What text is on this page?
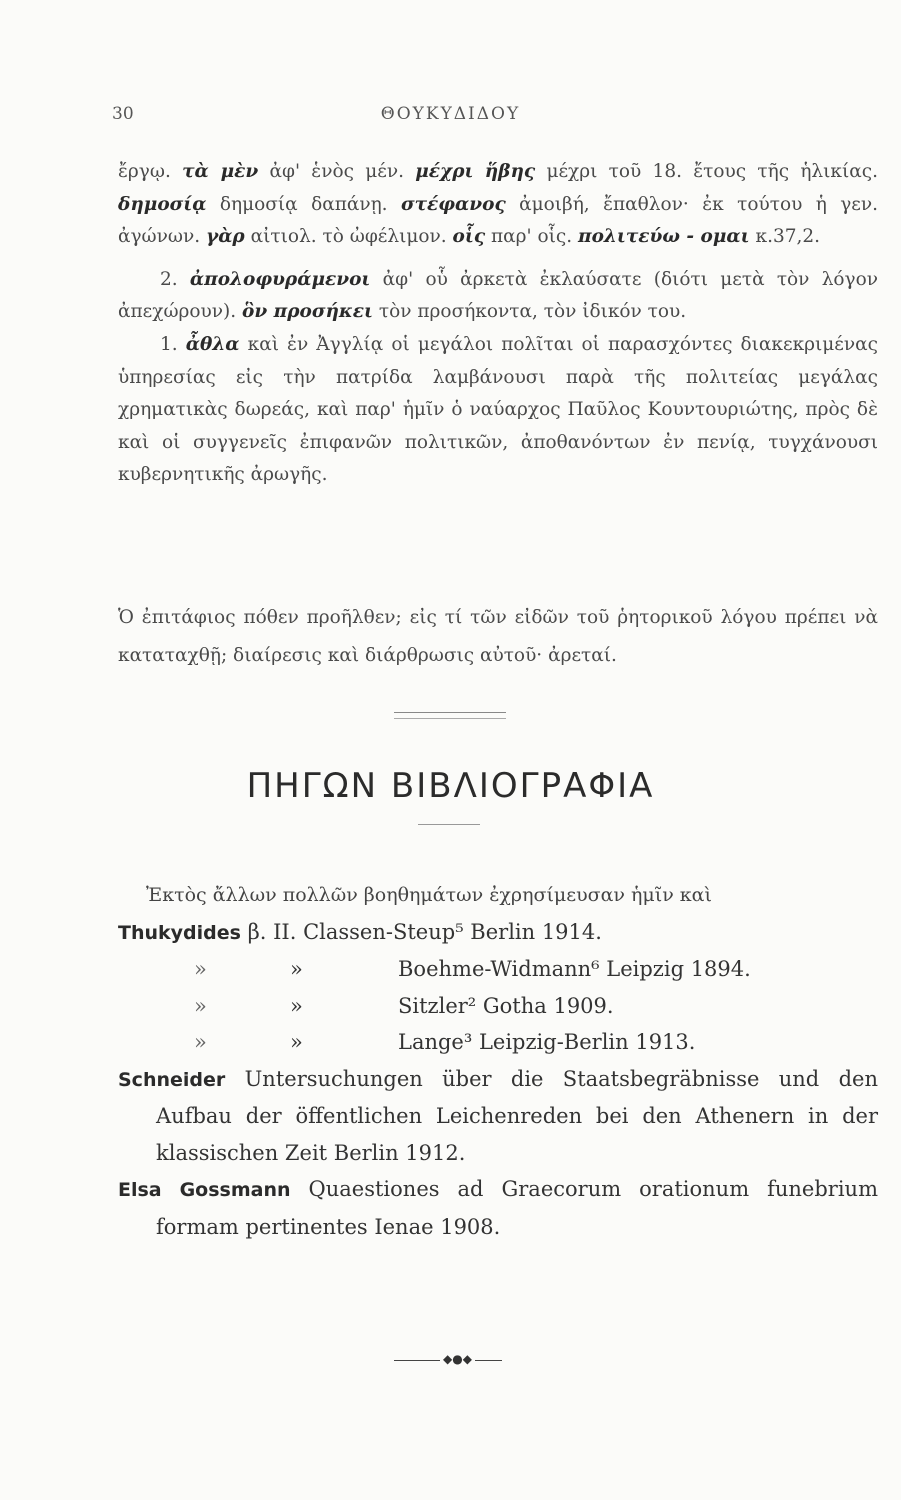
30	ΘΟΥΚΥΔΙΔΟΥ

ἔργῳ. τὰ μὲν ἀφ' ἑνὸς μέν. μέχρι ἥβης μέχρι τοῦ 18. ἔτους τῆς ἡλικίας. δημοσίᾳ δημοσίᾳ δαπάνῃ. στέφανος ἀμοιβή, ἔπαθλον· ἐκ τούτου ἡ γεν. ἀγώνων. γὰρ αἰτιολ. τὸ ὠφέλιμον. οἷς παρ' οἷς. πολιτεύω - ομαι κ.37,2.

2. ἀπολοφυράμενοι ἀφ' οὗ ἀρκετὰ ἐκλαύσατε (διότι μετὰ τὸν λόγον ἀπεχώρουν). ὃν προσήκει τὸν προσήκοντα, τὸν ἰδικόν του.

1. ἆθλα καὶ ἐν Ἀγγλίᾳ οἱ μεγάλοι πολῖται οἱ παρασχόντες διακεκριμένας ὑπηρεσίας εἰς τὴν πατρίδα λαμβάνουσι παρὰ τῆς πολιτείας μεγάλας χρηματικὰς δωρεάς, καὶ παρ' ἡμῖν ὁ ναύαρχος Παῦλος Κουντουριώτης, πρὸς δὲ καὶ οἱ συγγενεῖς ἐπιφανῶν πολιτικῶν, ἀποθανόντων ἐν πενίᾳ, τυγχάνουσι κυβερνητικῆς ἀρωγῆς.

Ὁ ἐπιτάφιος πόθεν προῆλθεν; εἰς τί τῶν εἰδῶν τοῦ ῥητορικοῦ λόγου πρέπει νὰ καταταχθῇ; διαίρεσις καὶ διάρθρωσις αὐτοῦ· ἀρεταί.

ΠΗΓΩΝ ΒΙΒΛΙΟΓΡΑΦΙΑ
Ἐκτὸς ἄλλων πολλῶν βοηθημάτων ἐχρησίμευσαν ἡμῖν καὶ
Thukydides β. II. Classen-Steup⁵ Berlin 1914.
»	»	Boehme-Widmann⁶ Leipzig 1894.
»	»	Sitzler² Gotha 1909.
»	»	Lange³ Leipzig-Berlin 1913.
Schneider Untersuchungen über die Staatsbegräbnisse und den Aufbau der öffentlichen Leichenreden bei den Athenern in der klassischen Zeit Berlin 1912.
Elsa Gossmann Quaestiones ad Graecorum orationum funebrium formam pertinentes Ienae 1908.
◆●◆
